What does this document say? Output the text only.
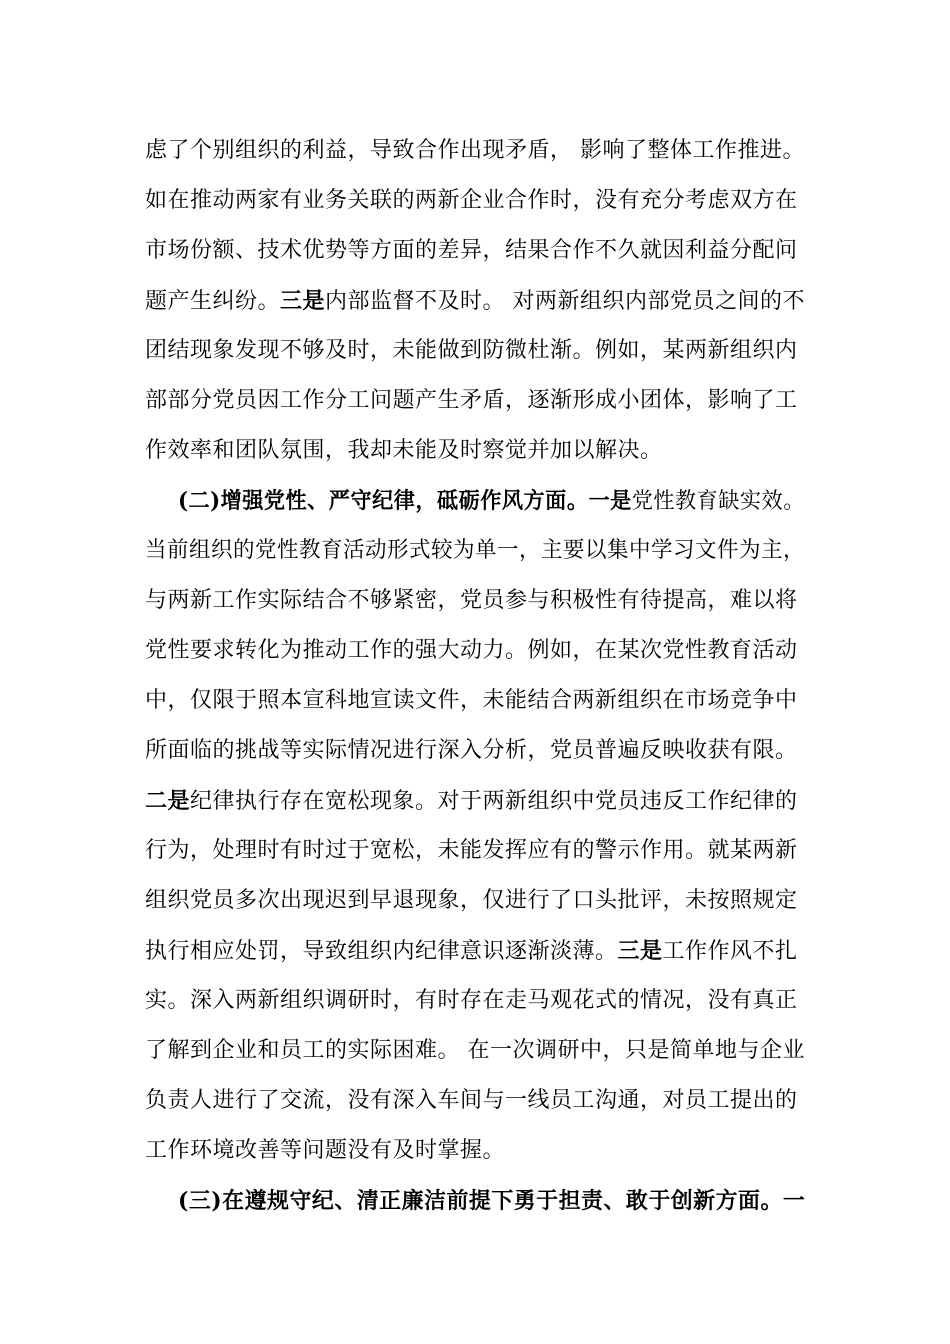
虑了个别组织的利益，导致合作出现矛盾， 影响了整体工作推进。
如在推动两家有业务关联的两新企业合作时，没有充分考虑双方在
市场份额、技术优势等方面的差异，结果合作不久就因利益分配问
题产生纠纷。三是内部监督不及时。 对两新组织内部党员之间的不
团结现象发现不够及时，未能做到防微杜渐。例如，某两新组织内
部部分党员因工作分工问题产生矛盾，逐渐形成小团体，影响了工
作效率和团队氛围，我却未能及时察觉并加以解决。
(二)增强党性、严守纪律，砥砺作风方面。一是党性教育缺实效。
当前组织的党性教育活动形式较为单一，主要以集中学习文件为主，
与两新工作实际结合不够紧密，党员参与积极性有待提高，难以将
党性要求转化为推动工作的强大动力。例如，在某次党性教育活动
中，仅限于照本宣科地宣读文件，未能结合两新组织在市场竞争中
所面临的挑战等实际情况进行深入分析，党员普遍反映收获有限。
二是纪律执行存在宽松现象。对于两新组织中党员违反工作纪律的
行为，处理时有时过于宽松，未能发挥应有的警示作用。就某两新
组织党员多次出现迟到早退现象，仅进行了口头批评，未按照规定
执行相应处罚，导致组织内纪律意识逐渐淡薄。三是工作作风不扎
实。深入两新组织调研时，有时存在走马观花式的情况，没有真正
了解到企业和员工的实际困难。 在一次调研中，只是简单地与企业
负责人进行了交流，没有深入车间与一线员工沟通，对员工提出的
工作环境改善等问题没有及时掌握。
(三)在遵规守纪、清正廉洁前提下勇于担责、敢于创新方面。一
